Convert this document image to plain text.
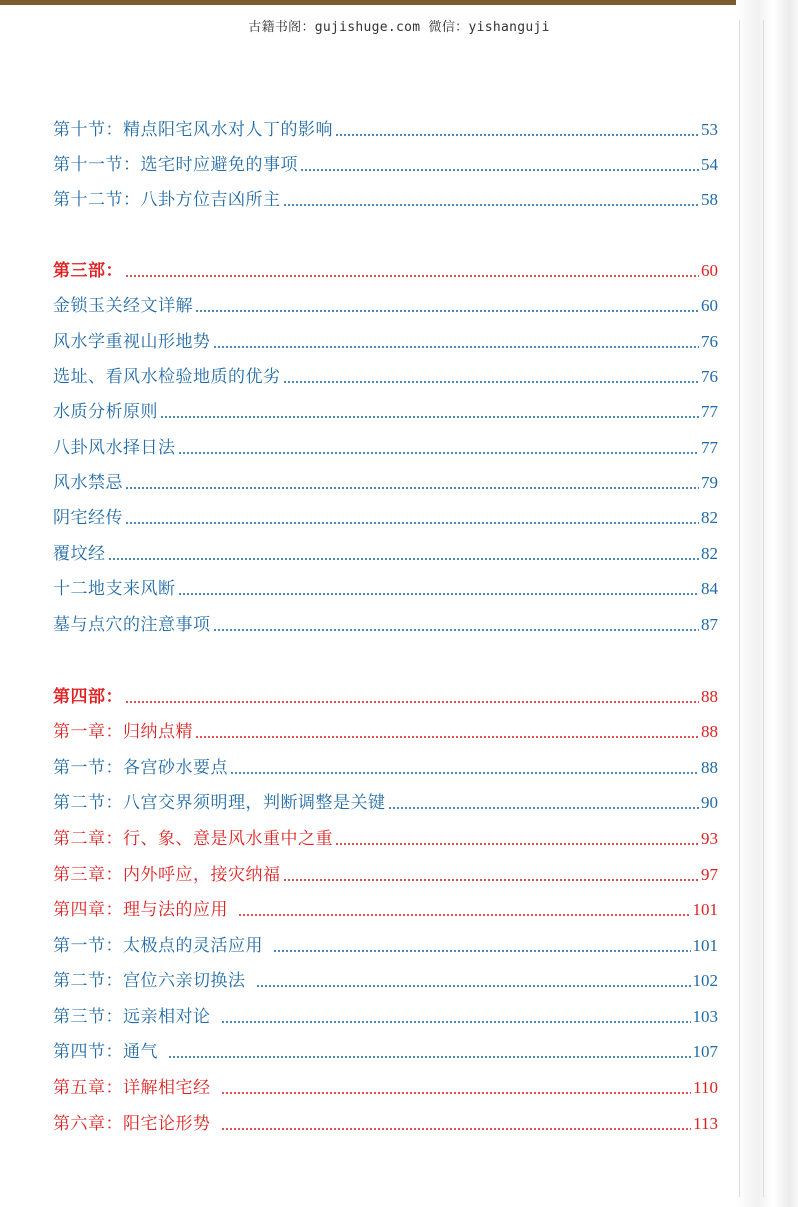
古籍书阁：gujishuge.com 微信：yishanguji
第十节：精点阳宅风水对人丁的影响	53
第十一节：选宅时应避免的事项	54
第十二节：八卦方位吉凶所主	58
第三部：	60
金锁玉关经文详解	60
风水学重视山形地势	76
选址、看风水检验地质的优劣	76
水质分析原则	77
八卦风水择日法	77
风水禁忌	79
阴宅经传	82
覆坟经	82
十二地支来风断	84
墓与点穴的注意事项	87
第四部：	88
第一章：归纳点精	88
第一节：各宫砂水要点	88
第二节：八宫交界须明理，判断调整是关键	90
第二章：行、象、意是风水重中之重	93
第三章：内外呼应，接灾纳福	97
第四章：理与法的应用	101
第一节：太极点的灵活应用	101
第二节：宫位六亲切换法	102
第三节：远亲相对论	103
第四节：通气	107
第五章：详解相宅经	110
第六章：阳宅论形势	113
